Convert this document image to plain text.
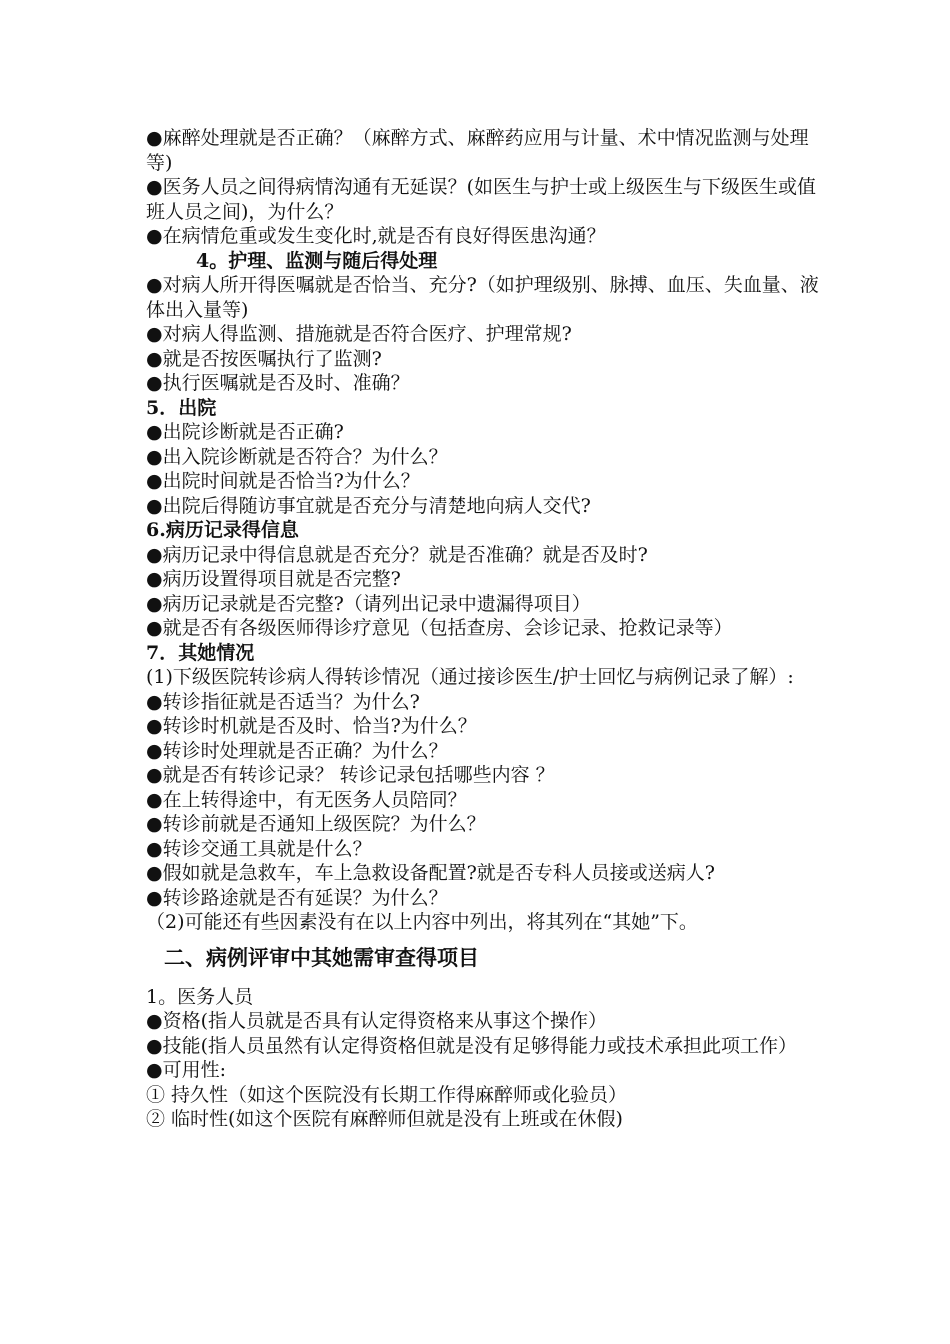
●麻醉处理就是否正确？（麻醉方式、麻醉药应用与计量、术中情况监测与处理等)
●医务人员之间得病情沟通有无延误？(如医生与护士或上级医生与下级医生或值班人员之间)，为什么？
●在病情危重或发生变化时,就是否有良好得医患沟通？
4。护理、监测与随后得处理
●对病人所开得医嘱就是否恰当、充分?（如护理级别、脉搏、血压、失血量、液体出入量等)
●对病人得监测、措施就是否符合医疗、护理常规?
●就是否按医嘱执行了监测?
●执行医嘱就是否及时、准确？
5．出院
●出院诊断就是否正确?
●出入院诊断就是否符合？为什么？
●出院时间就是否恰当?为什么？
●出院后得随访事宜就是否充分与清楚地向病人交代?
6.病历记录得信息
●病历记录中得信息就是否充分？就是否准确？就是否及时?
●病历设置得项目就是否完整?
●病历记录就是否完整?（请列出记录中遗漏得项目）
●就是否有各级医师得诊疗意见（包括查房、会诊记录、抢救记录等）
7．其她情况
(1)下级医院转诊病人得转诊情况（通过接诊医生/护士回忆与病例记录了解）:
●转诊指征就是否适当？为什么?
●转诊时机就是否及时、恰当?为什么？
●转诊时处理就是否正确？为什么？
●就是否有转诊记录？ 转诊记录包括哪些内容 ？
●在上转得途中，有无医务人员陪同？
●转诊前就是否通知上级医院？为什么？
●转诊交通工具就是什么？
●假如就是急救车，车上急救设备配置?就是否专科人员接或送病人?
●转诊路途就是否有延误？为什么？
（2)可能还有些因素没有在以上内容中列出，将其列在“其她”下。
二、病例评审中其她需审查得项目
1。医务人员
●资格(指人员就是否具有认定得资格来从事这个操作）
●技能(指人员虽然有认定得资格但就是没有足够得能力或技术承担此项工作）
●可用性:
① 持久性（如这个医院没有长期工作得麻醉师或化验员）
② 临时性(如这个医院有麻醉师但就是没有上班或在休假)
